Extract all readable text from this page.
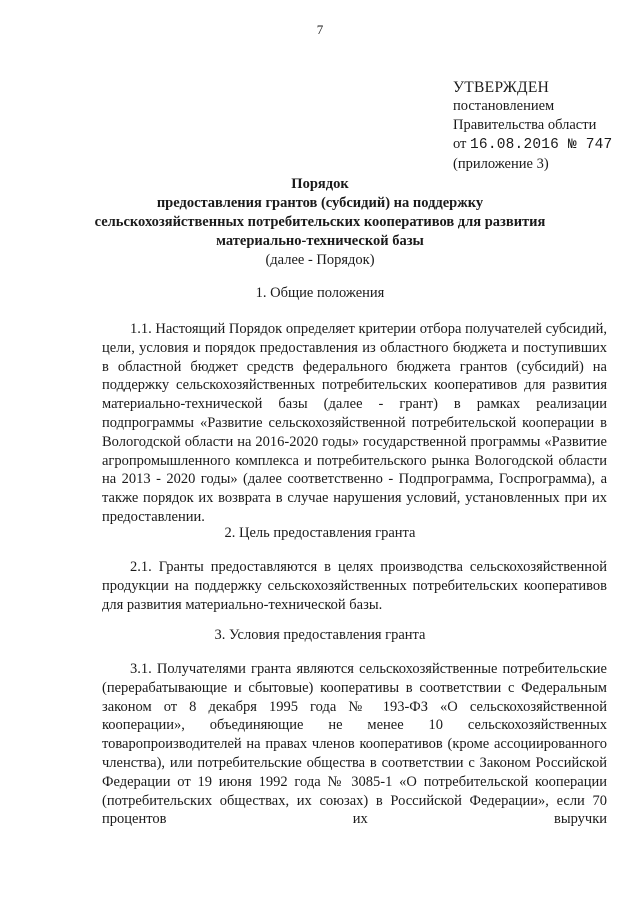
7
УТВЕРЖДЕН
постановлением
Правительства области
от 16.08.2016 № 747
(приложение 3)
Порядок
предоставления грантов (субсидий) на поддержку
сельскохозяйственных потребительских кооперативов для развития
материально-технической базы
(далее - Порядок)
1. Общие положения
1.1. Настоящий Порядок определяет критерии отбора получателей субсидий, цели, условия и порядок предоставления из областного бюджета и поступивших в областной бюджет средств федерального бюджета грантов (субсидий) на поддержку сельскохозяйственных потребительских кооперативов для развития материально-технической базы (далее - грант) в рамках реализации подпрограммы «Развитие сельскохозяйственной потребительской кооперации в Вологодской области на 2016-2020 годы» государственной программы «Развитие агропромышленного комплекса и потребительского рынка Вологодской области на 2013 - 2020 годы» (далее соответственно - Подпрограмма, Госпрограмма), а также порядок их возврата в случае нарушения условий, установленных при их предоставлении.
2. Цель предоставления гранта
2.1. Гранты предоставляются в целях производства сельскохозяйственной продукции на поддержку сельскохозяйственных потребительских кооперативов для развития материально-технической базы.
3. Условия предоставления гранта
3.1. Получателями гранта являются сельскохозяйственные потребительские (перерабатывающие и сбытовые) кооперативы в соответствии с Федеральным законом от 8 декабря 1995 года № 193-ФЗ «О сельскохозяйственной кооперации», объединяющие не менее 10 сельскохозяйственных товаропроизводителей на правах членов кооперативов (кроме ассоциированного членства), или потребительские общества в соответствии с Законом Российской Федерации от 19 июня 1992 года № 3085-1 «О потребительской кооперации (потребительских обществах, их союзах) в Российской Федерации», если 70 процентов их выручки
